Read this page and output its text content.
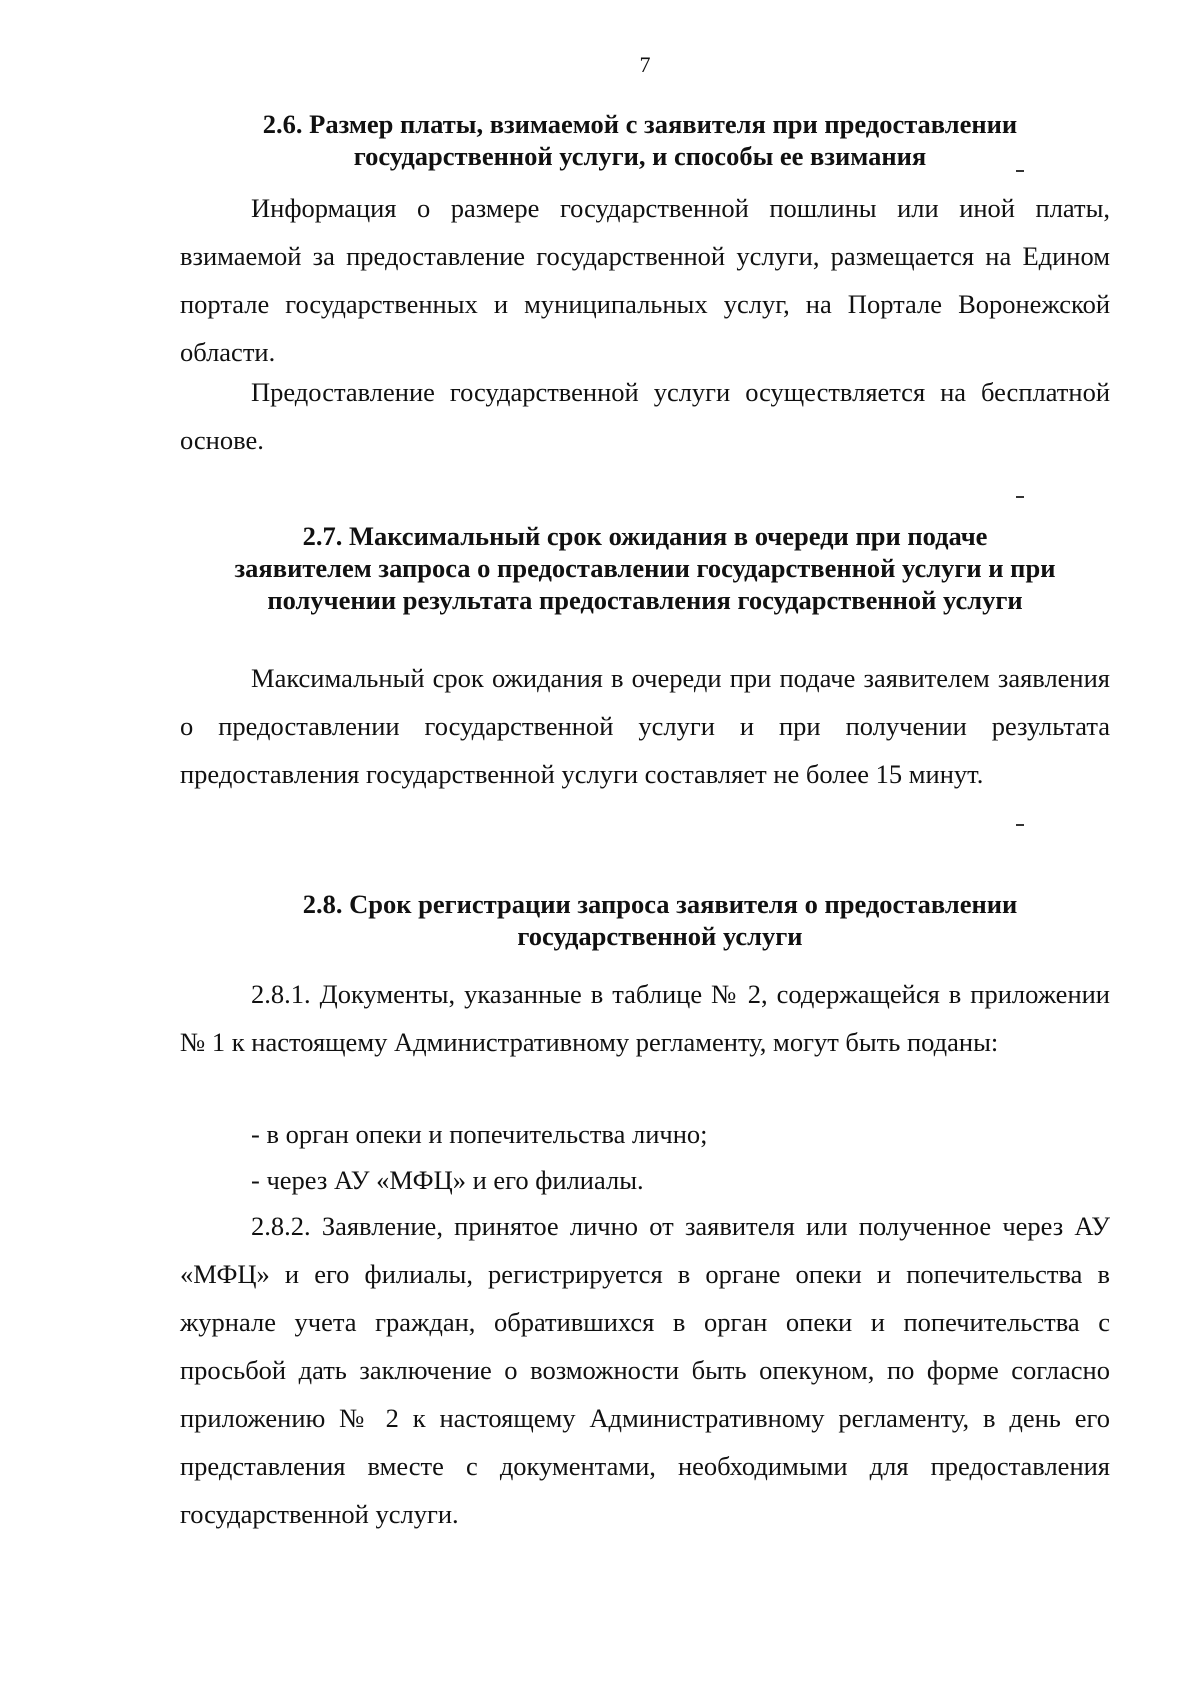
7
2.6. Размер платы, взимаемой с заявителя при предоставлении
государственной услуги, и способы ее взимания

Информация о размере государственной пошлины или иной платы, взимаемой за предоставление государственной услуги, размещается на Едином портале государственных и муниципальных услуг, на Портале Воронежской области.

Предоставление государственной услуги осуществляется на бесплатной основе.

2.7. Максимальный срок ожидания в очереди при подаче
заявителем запроса о предоставлении государственной услуги и при
получении результата предоставления государственной услуги

Максимальный срок ожидания в очереди при подаче заявителем заявления о предоставлении государственной услуги и при получении результата предоставления государственной услуги составляет не более 15 минут.

2.8. Срок регистрации запроса заявителя о предоставлении
государственной услуги

2.8.1. Документы, указанные в таблице № 2, содержащейся в приложении № 1 к настоящему Административному регламенту, могут быть поданы:

- в орган опеки и попечительства лично;

- через АУ «МФЦ» и его филиалы.

2.8.2. Заявление, принятое лично от заявителя или полученное через АУ «МФЦ» и его филиалы, регистрируется в органе опеки и попечительства в журнале учета граждан, обратившихся в орган опеки и попечительства с просьбой дать заключение о возможности быть опекуном, по форме согласно приложению № 2 к настоящему Административному регламенту, в день его представления вместе с документами, необходимыми для предоставления государственной услуги.
